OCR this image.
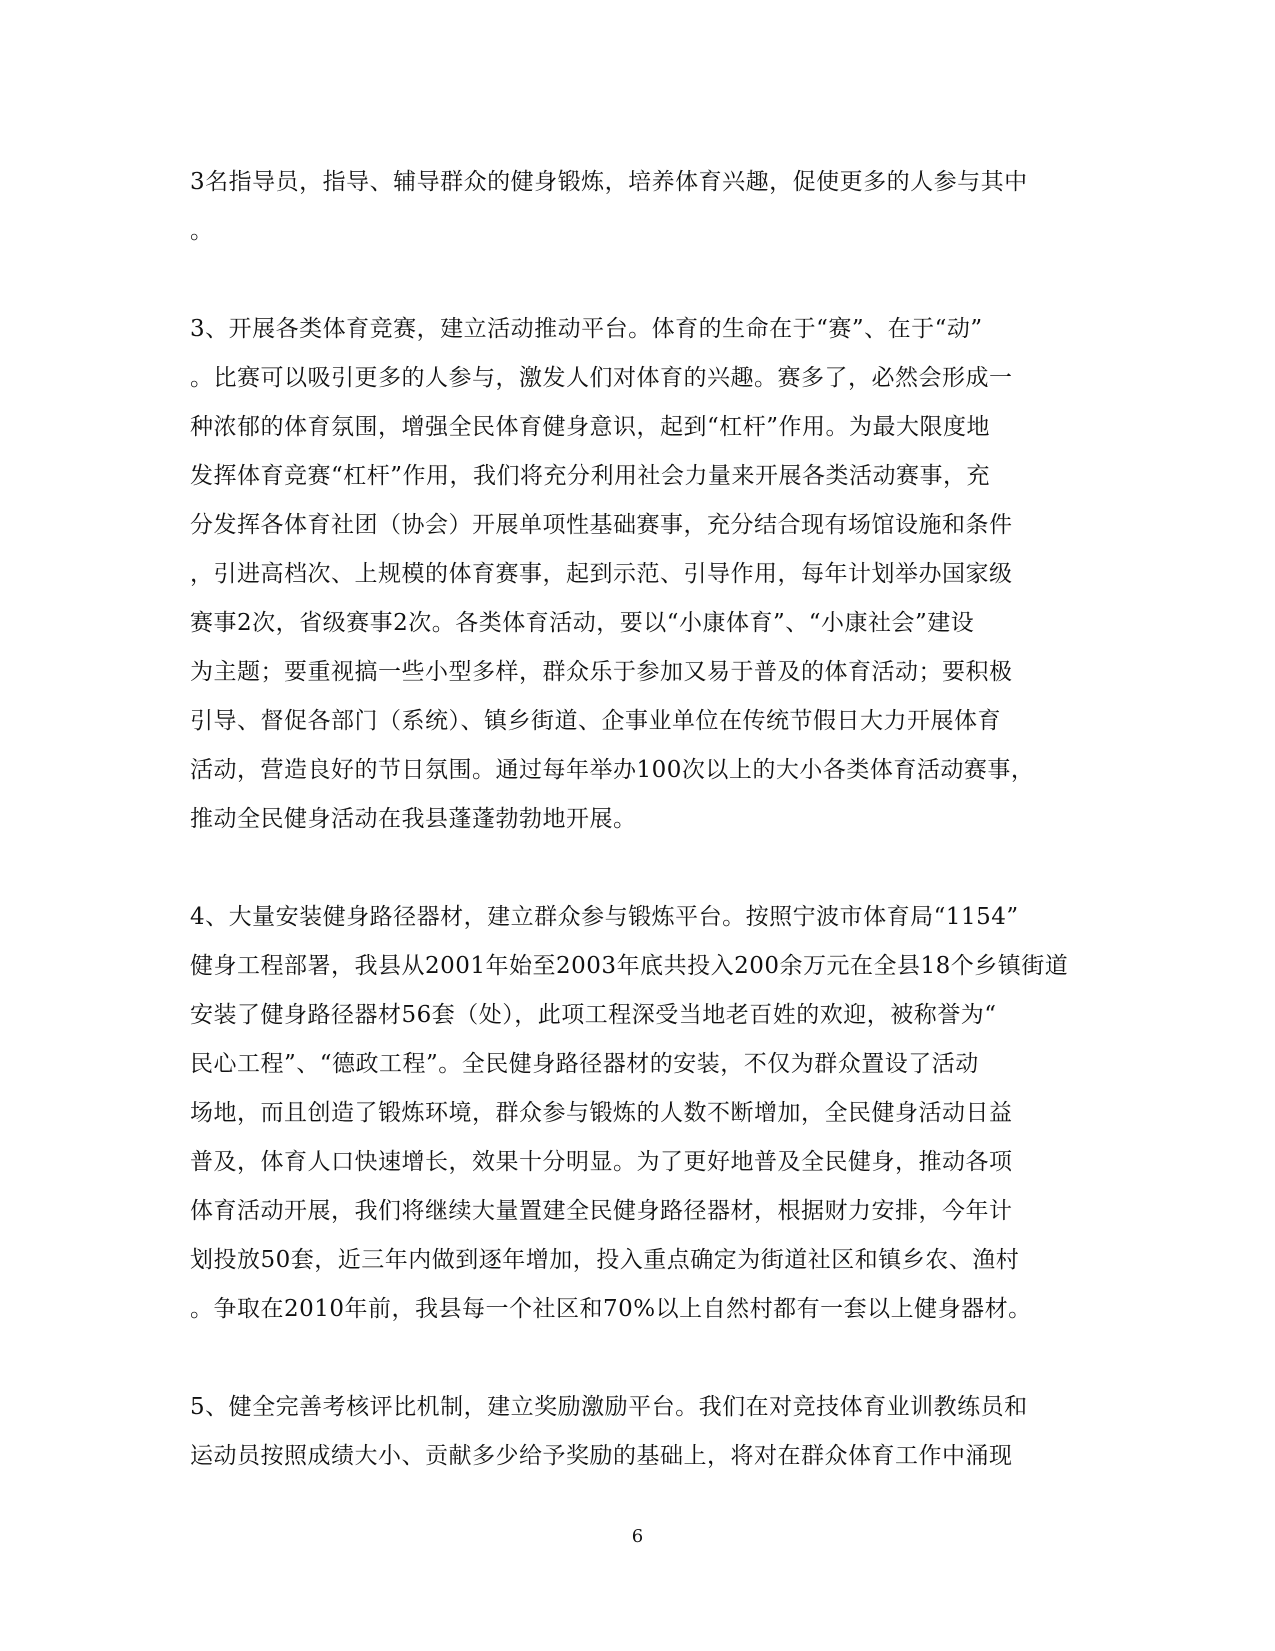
3名指导员，指导、辅导群众的健身锻炼，培养体育兴趣，促使更多的人参与其中
。

3、开展各类体育竞赛，建立活动推动平台。体育的生命在于“赛”、在于“动”
。比赛可以吸引更多的人参与，激发人们对体育的兴趣。赛多了，必然会形成一
种浓郁的体育氛围，增强全民体育健身意识，起到“杠杆”作用。为最大限度地
发挥体育竞赛“杠杆”作用，我们将充分利用社会力量来开展各类活动赛事，充
分发挥各体育社团（协会）开展单项性基础赛事，充分结合现有场馆设施和条件
，引进高档次、上规模的体育赛事，起到示范、引导作用，每年计划举办国家级
赛事2次，省级赛事2次。各类体育活动，要以“小康体育”、“小康社会”建设
为主题；要重视搞一些小型多样，群众乐于参加又易于普及的体育活动；要积极
引导、督促各部门（系统）、镇乡街道、企事业单位在传统节假日大力开展体育
活动，营造良好的节日氛围。通过每年举办100次以上的大小各类体育活动赛事，
推动全民健身活动在我县蓬蓬勃勃地开展。

4、大量安装健身路径器材，建立群众参与锻炼平台。按照宁波市体育局“1154”
健身工程部署，我县从2001年始至2003年底共投入200余万元在全县18个乡镇街道
安装了健身路径器材56套（处），此项工程深受当地老百姓的欢迎，被称誉为“
民心工程”、“德政工程”。全民健身路径器材的安装，不仅为群众置设了活动
场地，而且创造了锻炼环境，群众参与锻炼的人数不断增加，全民健身活动日益
普及，体育人口快速增长，效果十分明显。为了更好地普及全民健身，推动各项
体育活动开展，我们将继续大量置建全民健身路径器材，根据财力安排，今年计
划投放50套，近三年内做到逐年增加，投入重点确定为街道社区和镇乡农、渔村
。争取在2010年前，我县每一个社区和70%以上自然村都有一套以上健身器材。

5、健全完善考核评比机制，建立奖励激励平台。我们在对竞技体育业训教练员和
运动员按照成绩大小、贡献多少给予奖励的基础上，将对在群众体育工作中涌现

6
